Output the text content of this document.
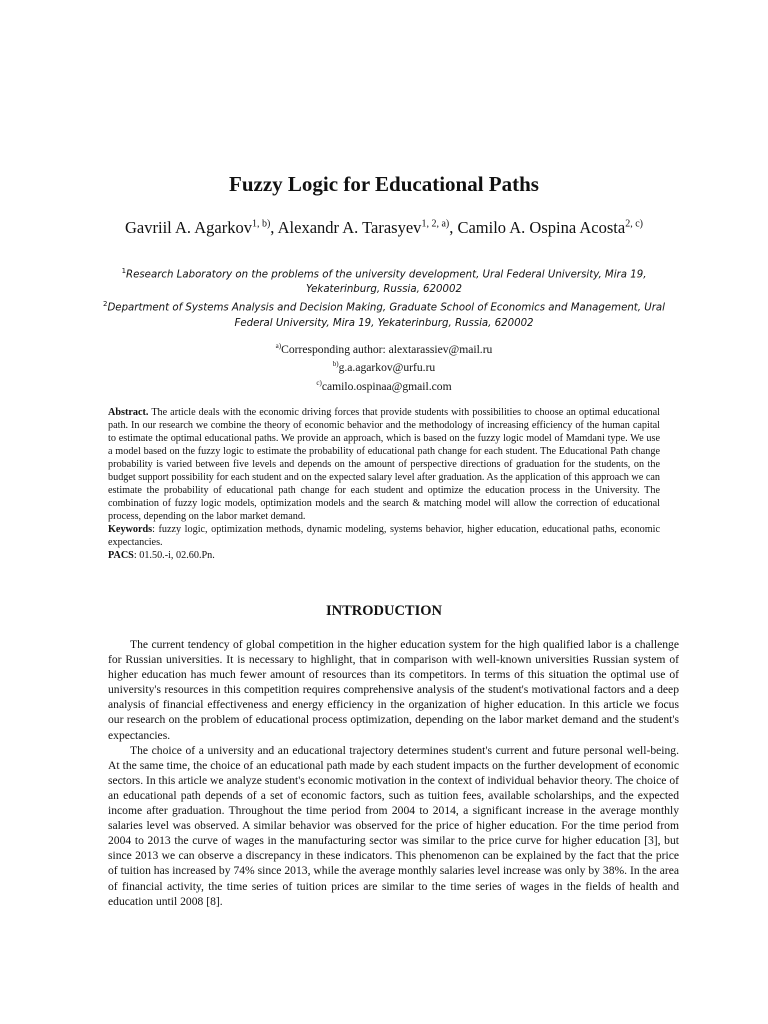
Fuzzy Logic for Educational Paths
Gavriil A. Agarkov$^{1, b)}$, Alexandr A. Tarasyev$^{1, 2, a)}$, Camilo A. Ospina Acosta$^{2, c)}$

$^1$Research Laboratory on the problems of the university development, Ural Federal University, Mira 19, Yekaterinburg, Russia, 620002

$^2$Department of Systems Analysis and Decision Making, Graduate School of Economics and Management, Ural Federal University, Mira 19, Yekaterinburg, Russia, 620002

$^{a)}$Corresponding author: alextarassiev@mail.ru
$^{b)}$g.a.agarkov@urfu.ru
$^{c)}$camilo.ospinaa@gmail.com

Abstract. The article deals with the economic driving forces that provide students with possibilities to choose an optimal educational path. In our research we combine the theory of economic behavior and the methodology of increasing efficiency of the human capital to estimate the optimal educational paths. We provide an approach, which is based on the fuzzy logic model of Mamdani type. We use a model based on the fuzzy logic to estimate the probability of educational path change for each student. The Educational Path change probability is varied between five levels and depends on the amount of perspective directions of graduation for the students, on the budget support possibility for each student and on the expected salary level after graduation. As the application of this approach we can estimate the probability of educational path change for each student and optimize the education process in the University. The combination of fuzzy logic models, optimization models and the search & matching model will allow the correction of educational process, depending on the labor market demand.

Keywords: fuzzy logic, optimization methods, dynamic modeling, systems behavior, higher education, educational paths, economic expectancies.

PACS: 01.50.-i, 02.60.Pn.

INTRODUCTION

The current tendency of global competition in the higher education system for the high qualified labor is a challenge for Russian universities. It is necessary to highlight, that in comparison with well-known universities Russian system of higher education has much fewer amount of resources than its competitors. In terms of this situation the optimal use of university's resources in this competition requires comprehensive analysis of the student's motivational factors and a deep analysis of financial effectiveness and energy efficiency in the organization of higher education. In this article we focus our research on the problem of educational process optimization, depending on the labor market demand and the student's expectancies.

The choice of a university and an educational trajectory determines student's current and future personal well-being. At the same time, the choice of an educational path made by each student impacts on the further development of economic sectors. In this article we analyze student's economic motivation in the context of individual behavior theory. The choice of an educational path depends of a set of economic factors, such as tuition fees, available scholarships, and the expected income after graduation. Throughout the time period from 2004 to 2014, a significant increase in the average monthly salaries level was observed. A similar behavior was observed for the price of higher education. For the time period from 2004 to 2013 the curve of wages in the manufacturing sector was similar to the price curve for higher education [3], but since 2013 we can observe a discrepancy in these indicators. This phenomenon can be explained by the fact that the price of tuition has increased by 74% since 2013, while the average monthly salaries level increase was only by 38%. In the area of financial activity, the time series of tuition prices are similar to the time series of wages in the fields of health and education until 2008 [8].
